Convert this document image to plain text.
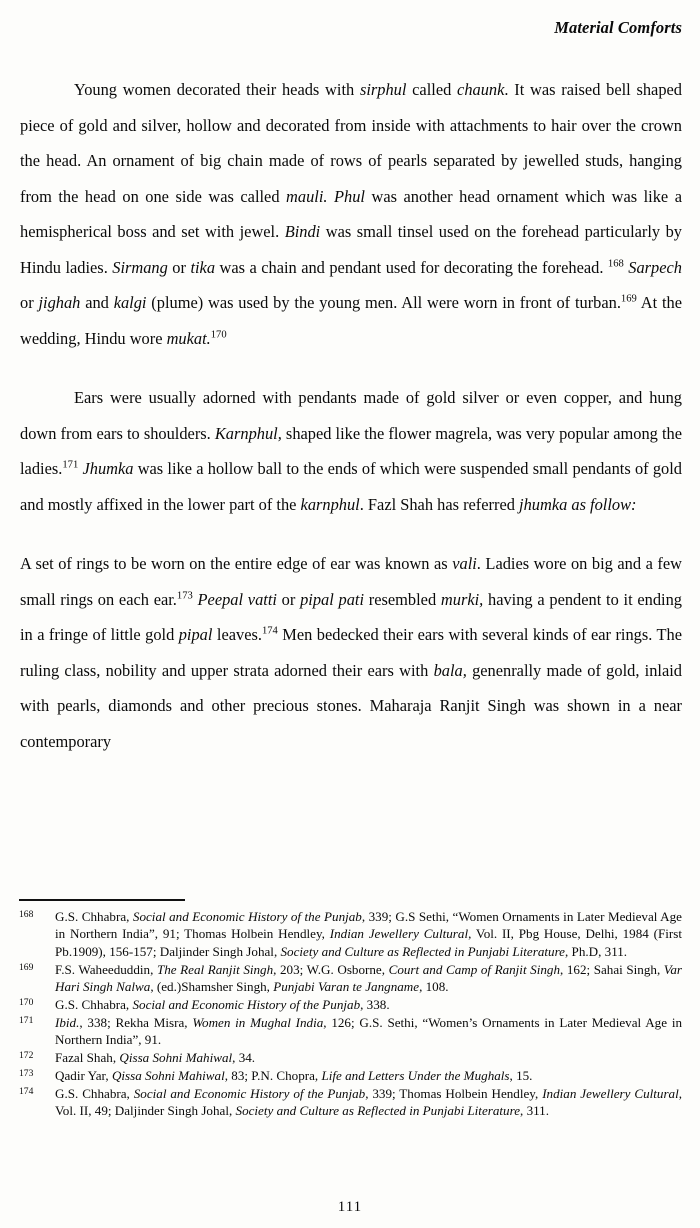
Material Comforts

Young women decorated their heads with sirphul called chaunk. It was raised bell shaped piece of gold and silver, hollow and decorated from inside with attachments to hair over the crown the head. An ornament of big chain made of rows of pearls separated by jewelled studs, hanging from the head on one side was called mauli. Phul was another head ornament which was like a hemispherical boss and set with jewel. Bindi was small tinsel used on the forehead particularly by Hindu ladies. Sirmang or tika was a chain and pendant used for decorating the forehead. $^{168}$ Sarpech or jighah and kalgi (plume) was used by the young men. All were worn in front of turban.$^{169}$ At the wedding, Hindu wore mukat.$^{170}$

Ears were usually adorned with pendants made of gold silver or even copper, and hung down from ears to shoulders. Karnphul, shaped like the flower magrela, was very popular among the ladies.$^{171}$ Jhumka was like a hollow ball to the ends of which were suspended small pendants of gold and mostly affixed in the lower part of the karnphul. Fazl Shah has referred jhumka as follow:

A set of rings to be worn on the entire edge of ear was known as vali. Ladies wore on big and a few small rings on each ear.$^{173}$ Peepal vatti or pipal pati resembled murki, having a pendent to it ending in a fringe of little gold pipal leaves.$^{174}$ Men bedecked their ears with several kinds of ear rings. The ruling class, nobility and upper strata adorned their ears with bala, genenrally made of gold, inlaid with pearls, diamonds and other precious stones. Maharaja Ranjit Singh was shown in a near contemporary

168	G.S. Chhabra, Social and Economic History of the Punjab, 339; G.S Sethi, “Women Ornaments in Later Medieval Age in Northern India”, 91; Thomas Holbein Hendley, Indian Jewellery Cultural, Vol. II, Pbg House, Delhi, 1984 (First Pb.1909), 156-157; Daljinder Singh Johal, Society and Culture as Reflected in Punjabi Literature, Ph.D, 311.
169	F.S. Waheeduddin, The Real Ranjit Singh, 203; W.G. Osborne, Court and Camp of Ranjit Singh, 162; Sahai Singh, Var Hari Singh Nalwa, (ed.)Shamsher Singh, Punjabi Varan te Jangname, 108.
170	G.S. Chhabra, Social and Economic History of the Punjab, 338.
171	Ibid., 338; Rekha Misra, Women in Mughal India, 126; G.S. Sethi, “Women’s Ornaments in Later Medieval Age in Northern India”, 91.
172	Fazal Shah, Qissa Sohni Mahiwal, 34.
173	Qadir Yar, Qissa Sohni Mahiwal, 83; P.N. Chopra, Life and Letters Under the Mughals, 15.
174	G.S. Chhabra, Social and Economic History of the Punjab, 339; Thomas Holbein Hendley, Indian Jewellery Cultural, Vol. II, 49; Daljinder Singh Johal, Society and Culture as Reflected in Punjabi Literature, 311.
111
